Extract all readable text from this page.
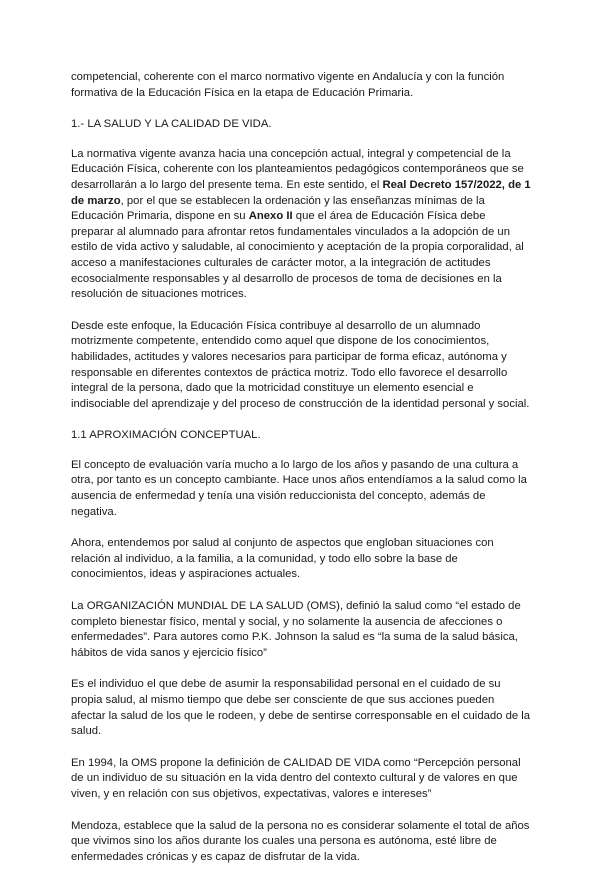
competencial, coherente con el marco normativo vigente en Andalucía y con la función formativa de la Educación Física en la etapa de Educación Primaria.

1.- LA SALUD Y LA CALIDAD DE VIDA.

La normativa vigente avanza hacia una concepción actual, integral y competencial de la Educación Física, coherente con los planteamientos pedagógicos contemporáneos que se desarrollarán a lo largo del presente tema. En este sentido, el Real Decreto 157/2022, de 1 de marzo, por el que se establecen la ordenación y las enseñanzas mínimas de la Educación Primaria, dispone en su Anexo II que el área de Educación Física debe preparar al alumnado para afrontar retos fundamentales vinculados a la adopción de un estilo de vida activo y saludable, al conocimiento y aceptación de la propia corporalidad, al acceso a manifestaciones culturales de carácter motor, a la integración de actitudes ecosocialmente responsables y al desarrollo de procesos de toma de decisiones en la resolución de situaciones motrices.

Desde este enfoque, la Educación Física contribuye al desarrollo de un alumnado motrizmente competente, entendido como aquel que dispone de los conocimientos, habilidades, actitudes y valores necesarios para participar de forma eficaz, autónoma y responsable en diferentes contextos de práctica motriz. Todo ello favorece el desarrollo integral de la persona, dado que la motricidad constituye un elemento esencial e indisociable del aprendizaje y del proceso de construcción de la identidad personal y social.

1.1 APROXIMACIÓN CONCEPTUAL.

El concepto de evaluación varía mucho a lo largo de los años y pasando de una cultura a otra, por tanto es un concepto cambiante. Hace unos años entendíamos a la salud como la ausencia de enfermedad y tenía una visión reduccionista del concepto, además de negativa.

Ahora, entendemos por salud al conjunto de aspectos que engloban situaciones con relación al individuo, a la familia, a la comunidad, y todo ello sobre la base de conocimientos, ideas y aspiraciones actuales.

La ORGANIZACIÓN MUNDIAL DE LA SALUD (OMS), definió la salud como “el estado de completo bienestar físico, mental y social, y no solamente la ausencia de afecciones o enfermedades”. Para autores como P.K. Johnson la salud es “la suma de la salud básica, hábitos de vida sanos y ejercicio físico”

Es el individuo el que debe de asumir la responsabilidad personal en el cuidado de su propia salud, al mismo tiempo que debe ser consciente de que sus acciones pueden afectar la salud de los que le rodeen, y debe de sentirse corresponsable en el cuidado de la salud.

En 1994, la OMS propone la definición de CALIDAD DE VIDA como “Percepción personal de un individuo de su situación en la vida dentro del contexto cultural y de valores en que viven, y en relación con sus objetivos, expectativas, valores e intereses”

Mendoza, establece que la salud de la persona no es considerar solamente el total de años que vivimos sino los años durante los cuales una persona es autónoma, esté libre de enfermedades crónicas y es capaz de disfrutar de la vida.
